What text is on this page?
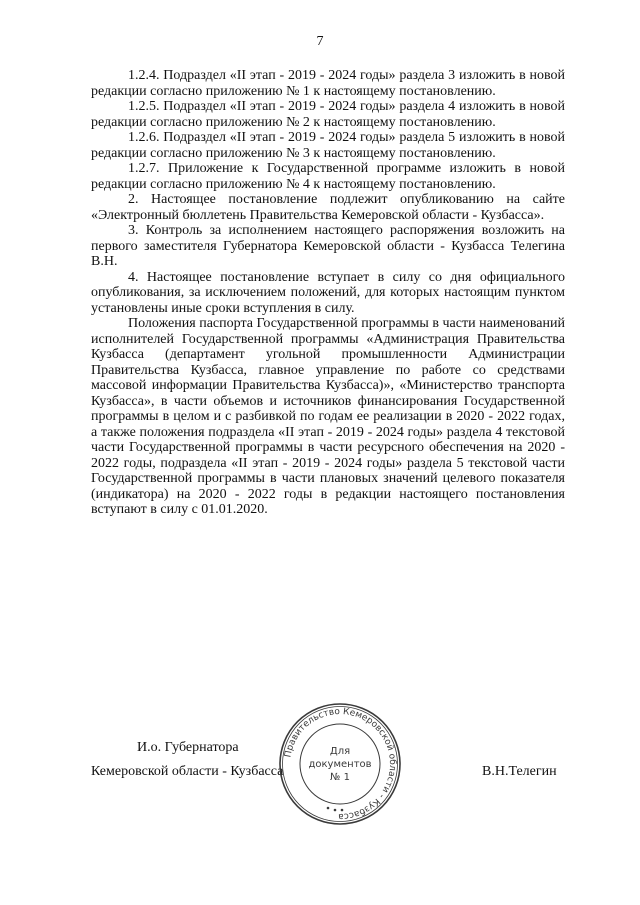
7

1.2.4. Подраздел «II этап - 2019 - 2024 годы» раздела 3 изложить в новой редакции согласно приложению № 1 к настоящему постановлению.

1.2.5. Подраздел «II этап - 2019 - 2024 годы» раздела 4 изложить в новой редакции согласно приложению № 2 к настоящему постановлению.

1.2.6. Подраздел «II этап - 2019 - 2024 годы» раздела 5 изложить в новой редакции согласно приложению № 3 к настоящему постановлению.

1.2.7. Приложение к Государственной программе изложить в новой редакции согласно приложению № 4 к настоящему постановлению.

2. Настоящее постановление подлежит опубликованию на сайте «Электронный бюллетень Правительства Кемеровской области - Кузбасса».

3. Контроль за исполнением настоящего распоряжения возложить на первого заместителя Губернатора Кемеровской области - Кузбасса Телегина В.Н.

4. Настоящее постановление вступает в силу со дня официального опубликования, за исключением положений, для которых настоящим пунктом установлены иные сроки вступления в силу.

Положения паспорта Государственной программы в части наименований исполнителей Государственной программы «Администрация Правительства Кузбасса (департамент угольной промышленности Администрации Правительства Кузбасса, главное управление по работе со средствами массовой информации Правительства Кузбасса)», «Министерство транспорта Кузбасса», в части объемов и источников финансирования Государственной программы в целом и с разбивкой по годам ее реализации в 2020 - 2022 годах, а также положения подраздела «II этап - 2019 - 2024 годы» раздела 4 текстовой части Государственной программы в части ресурсного обеспечения на 2020 - 2022 годы, подраздела «II этап - 2019 - 2024 годы» раздела 5 текстовой части Государственной программы в части плановых значений целевого показателя (индикатора) на 2020 - 2022 годы в редакции настоящего постановления вступают в силу с 01.01.2020.

И.о. Губернатора
Кемеровской области - Кузбасса	В.Н.Телегин
Правительство Кемеровской области - Кузбасса
Для
документов
№ 1
